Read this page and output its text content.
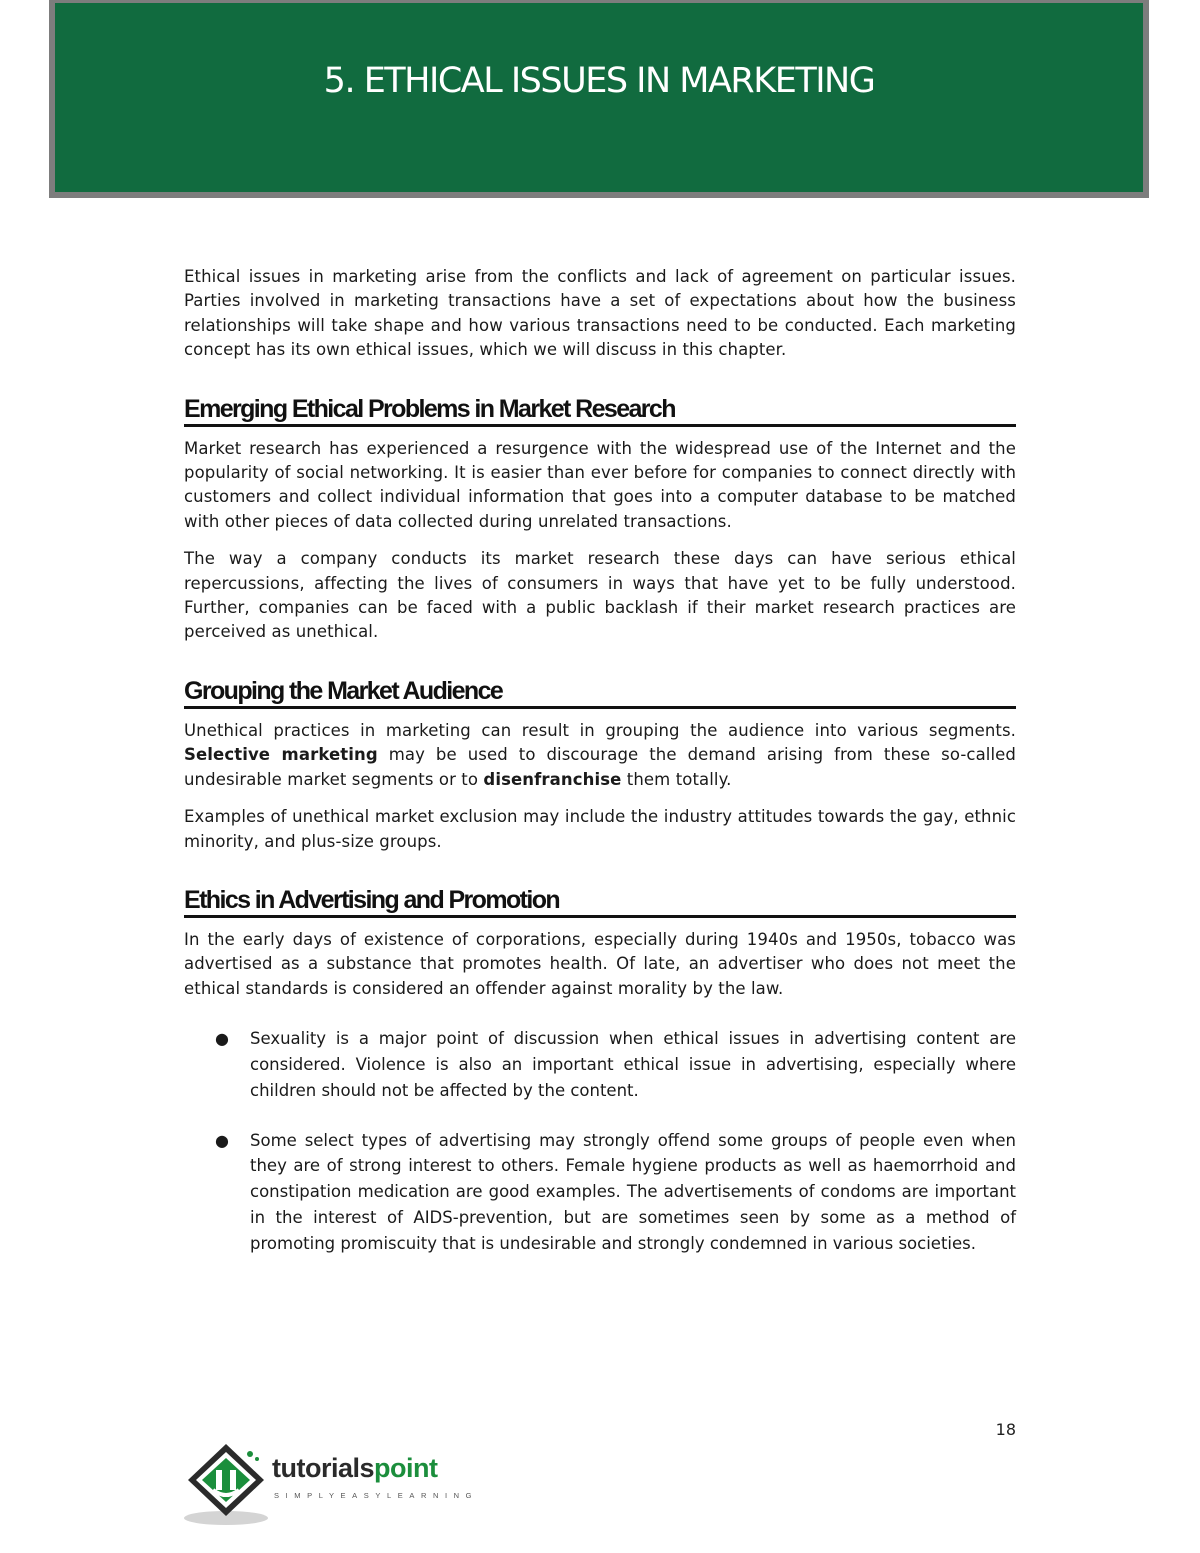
5. ETHICAL ISSUES IN MARKETING

Ethical issues in marketing arise from the conflicts and lack of agreement on particular issues. Parties involved in marketing transactions have a set of expectations about how the business relationships will take shape and how various transactions need to be conducted. Each marketing concept has its own ethical issues, which we will discuss in this chapter.

Emerging Ethical Problems in Market Research

Market research has experienced a resurgence with the widespread use of the Internet and the popularity of social networking. It is easier than ever before for companies to connect directly with customers and collect individual information that goes into a computer database to be matched with other pieces of data collected during unrelated transactions.

The way a company conducts its market research these days can have serious ethical repercussions, affecting the lives of consumers in ways that have yet to be fully understood. Further, companies can be faced with a public backlash if their market research practices are perceived as unethical.

Grouping the Market Audience

Unethical practices in marketing can result in grouping the audience into various segments. Selective marketing may be used to discourage the demand arising from these so-called undesirable market segments or to disenfranchise them totally.

Examples of unethical market exclusion may include the industry attitudes towards the gay, ethnic minority, and plus-size groups.

Ethics in Advertising and Promotion

In the early days of existence of corporations, especially during 1940s and 1950s, tobacco was advertised as a substance that promotes health. Of late, an advertiser who does not meet the ethical standards is considered an offender against morality by the law.

● Sexuality is a major point of discussion when ethical issues in advertising content are considered. Violence is also an important ethical issue in advertising, especially where children should not be affected by the content.
● Some select types of advertising may strongly offend some groups of people even when they are of strong interest to others. Female hygiene products as well as haemorrhoid and constipation medication are good examples. The advertisements of condoms are important in the interest of AIDS-prevention, but are sometimes seen by some as a method of promoting promiscuity that is undesirable and strongly condemned in various societies.
18
tutorialspoint
SIMPLYEASYLEARNING
